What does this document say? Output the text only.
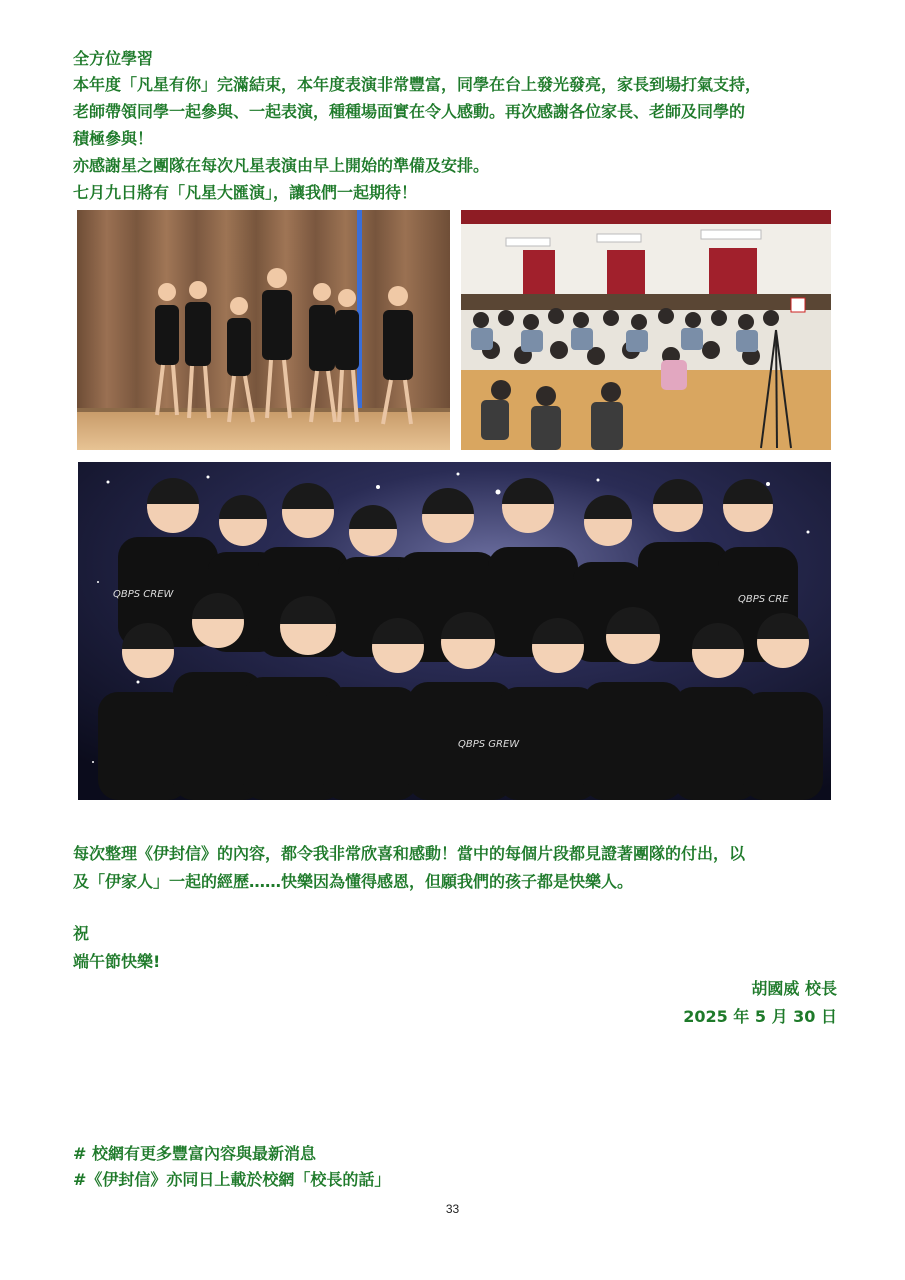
全方位學習
本年度「凡星有你」完滿結束，本年度表演非常豐富，同學在台上發光發亮，家長到場打氣支持，
老師帶領同學一起參與、一起表演，種種場面實在令人感動。再次感謝各位家長、老師及同學的
積極參與！
亦感謝星之團隊在每次凡星表演由早上開始的準備及安排。
七月九日將有「凡星大匯演」，讓我們一起期待！
QBPS CREW
QBPS GREW
QBPS CRE
每次整理《伊封信》的內容，都令我非常欣喜和感動！當中的每個片段都見證著團隊的付出，以
及「伊家人」一起的經歷……快樂因為懂得感恩，但願我們的孩子都是快樂人。
祝
端午節快樂!
胡國威 校長
2025 年 5 月 30 日
# 校網有更多豐富內容與最新消息
#《伊封信》亦同日上載於校網「校長的話」
33
